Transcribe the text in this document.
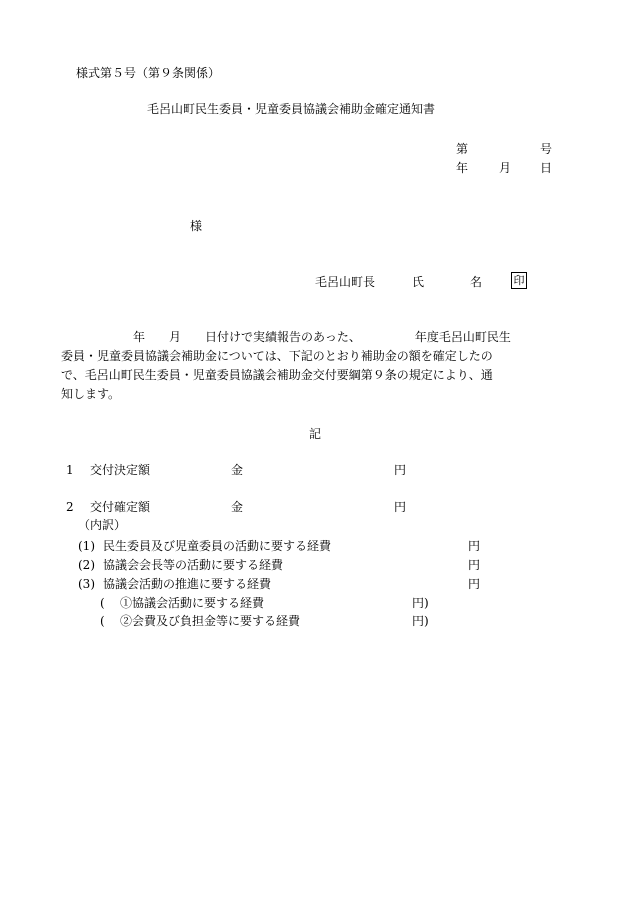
様式第５号（第９条関係）
毛呂山町民生委員・児童委員協議会補助金確定通知書
第	号
年	月 日
様
毛呂山町長	氏	名	印
年　　月　　日付けで実績報告のあった、　　　　　年度毛呂山町民生
委員・児童委員協議会補助金については、下記のとおり補助金の額を確定したの
で、毛呂山町民生委員・児童委員協議会補助金交付要綱第９条の規定により、通
知します。
記
1 交付決定額	金	円
2 交付確定額	金	円
（内訳）
(1) 民生委員及び児童委員の活動に要する経費	円
(2) 協議会会長等の活動に要する経費	円
(3) 協議会活動の推進に要する経費	円
( ①協議会活動に要する経費	円)
( ②会費及び負担金等に要する経費	円)
